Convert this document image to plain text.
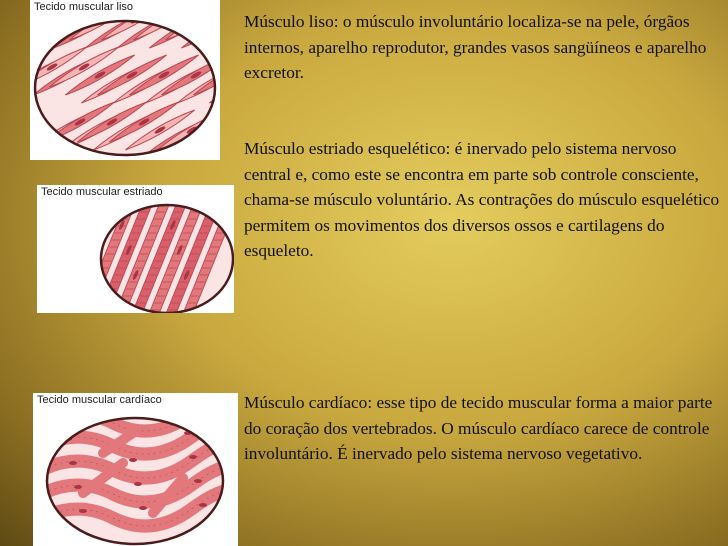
Tecido muscular liso
Tecido muscular estriado
Tecido muscular cardíaco

Músculo liso: o músculo involuntário localiza-se na pele, órgãos internos, aparelho reprodutor, grandes vasos sangüíneos e aparelho excretor.

Músculo estriado esquelético: é inervado pelo sistema nervoso central e, como este se encontra em parte sob controle consciente, chama-se músculo voluntário. As contrações do músculo esquelético permitem os movimentos dos diversos ossos e cartilagens do esqueleto.

Músculo cardíaco: esse tipo de tecido muscular forma a maior parte do coração dos vertebrados. O músculo cardíaco carece de controle involuntário. É inervado pelo sistema nervoso vegetativo.
